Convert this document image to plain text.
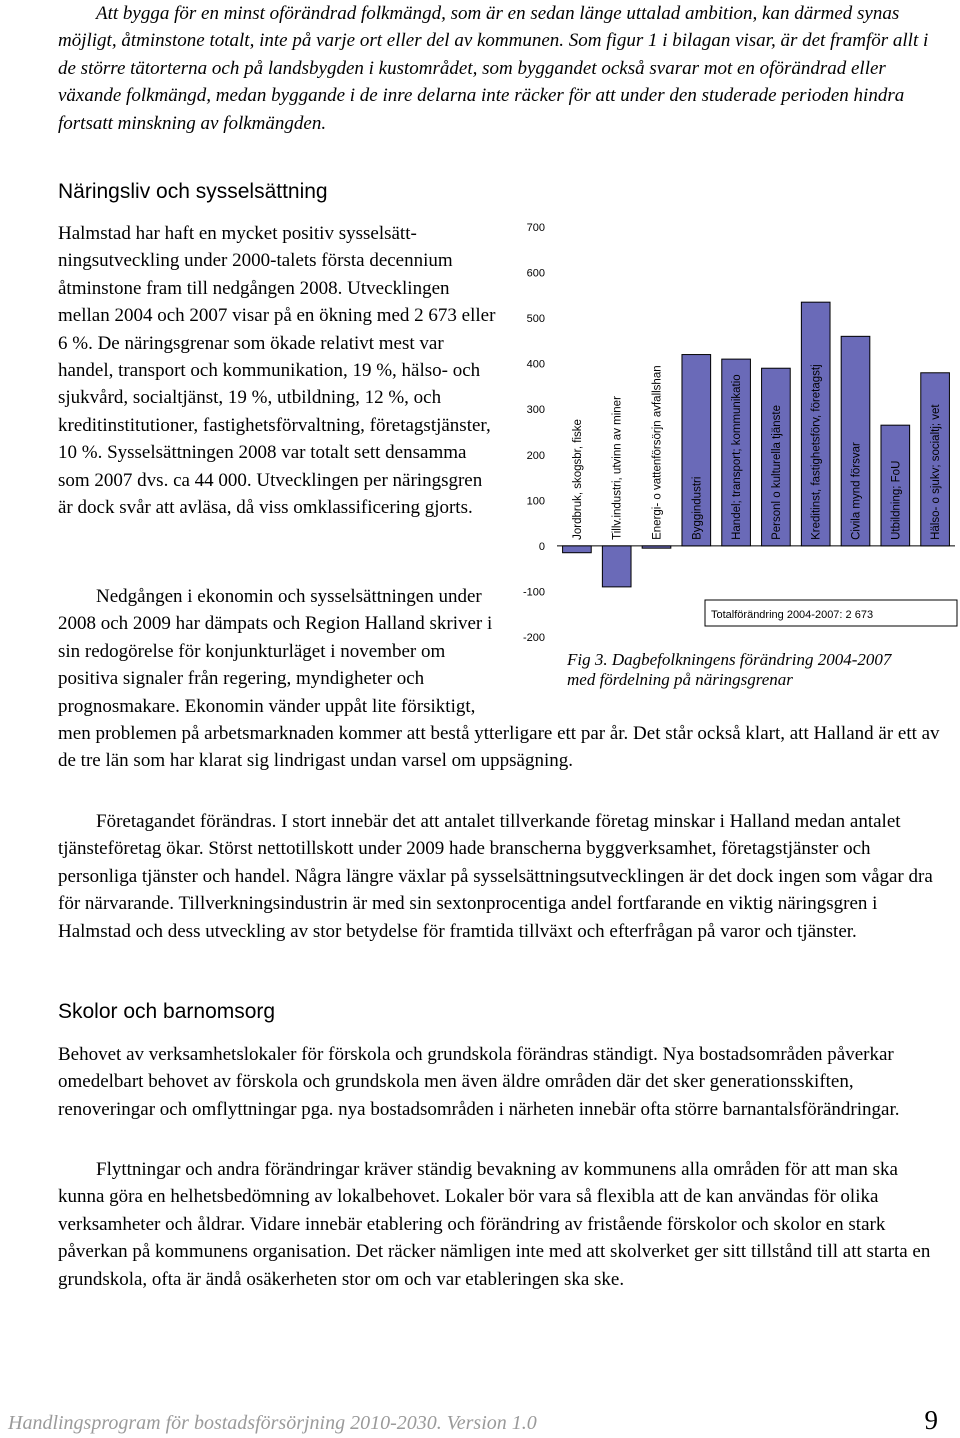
Att bygga för en minst oförändrad folkmängd, som är en sedan länge uttalad ambition, kan därmed synas möjligt, åtminstone totalt, inte på varje ort eller del av kommunen. Som figur 1 i bilagan visar, är det framför allt i de större tätorterna och på landsbygden i kustområdet, som byggandet också svarar mot en oförändrad eller växande folkmängd, medan byggande i de inre delarna inte räcker för att under den studerade perioden hindra fortsatt minskning av folkmängden.

Näringsliv och sysselsättning

Halmstad har haft en mycket positiv sysselsätt-ningsutveckling under 2000-talets första decennium åtminstone fram till nedgången 2008. Utvecklingen mellan 2004 och 2007 visar på en ökning med 2 673 eller 6 %. De näringsgrenar som ökade relativt mest var handel, transport och kommunikation, 19 %, hälso- och sjukvård, socialtjänst, 19 %, utbildning, 12 %, och kreditinstitutioner, fastighetsförvaltning, företagstjänster, 10 %. Sysselsättningen 2008 var totalt sett densamma som 2007 dvs. ca 44 000. Utvecklingen per näringsgren är dock svår att avläsa, då viss omklassificering gjorts.

-200
-100
0
100
200
300
400
500
600
700
Jordbruk, skogsbr, fiske Tillv.industri, utvinn av miner Energi- o vattenförsörjn avfallshan Byggindustri Handel; transport; kommunikatio Personl o kulturella tjänste Kreditinst, fastighetsförv, företagstj Civila mynd försvar Utbildning; FoU Hälso- o sjukv; socialtj; vet
Totalförändring 2004-2007: 2 673
Fig 3. Dagbefolkningens förändring 2004-2007
med fördelning på näringsgrenar

Nedgången i ekonomin och sysselsättningen under 2008 och 2009 har dämpats och Region Halland skriver i sin redogörelse för konjunkturläget i november om positiva signaler från regering, myndigheter och prognosmakare. Ekonomin vänder uppåt lite försiktigt, men problemen på arbetsmarknaden kommer att bestå ytterligare ett par år. Det står också klart, att Halland är ett av de tre län som har klarat sig lindrigast undan varsel om uppsägning.

Företagandet förändras. I stort innebär det att antalet tillverkande företag minskar i Halland medan antalet tjänsteföretag ökar. Störst nettotillskott under 2009 hade branscherna byggverksamhet, företagstjänster och personliga tjänster och handel. Några längre växlar på sysselsättningsutvecklingen är det dock ingen som vågar dra för närvarande. Tillverkningsindustrin är med sin sextonprocentiga andel fortfarande en viktig näringsgren i Halmstad och dess utveckling av stor betydelse för framtida tillväxt och efterfrågan på varor och tjänster.

Skolor och barnomsorg

Behovet av verksamhetslokaler för förskola och grundskola förändras ständigt. Nya bostadsområden påverkar omedelbart behovet av förskola och grundskola men även äldre områden där det sker generationsskiften, renoveringar och omflyttningar pga. nya bostadsområden i närheten innebär ofta större barnantalsförändringar.

Flyttningar och andra förändringar kräver ständig bevakning av kommunens alla områden för att man ska kunna göra en helhetsbedömning av lokalbehovet. Lokaler bör vara så flexibla att de kan användas för olika verksamheter och åldrar. Vidare innebär etablering och förändring av fristående förskolor och skolor en stark påverkan på kommunens organisation. Det räcker nämligen inte med att skolverket ger sitt tillstånd till att starta en grundskola, ofta är ändå osäkerheten stor om och var etableringen ska ske.

Handlingsprogram för bostadsförsörjning 2010-2030. Version 1.0	9
